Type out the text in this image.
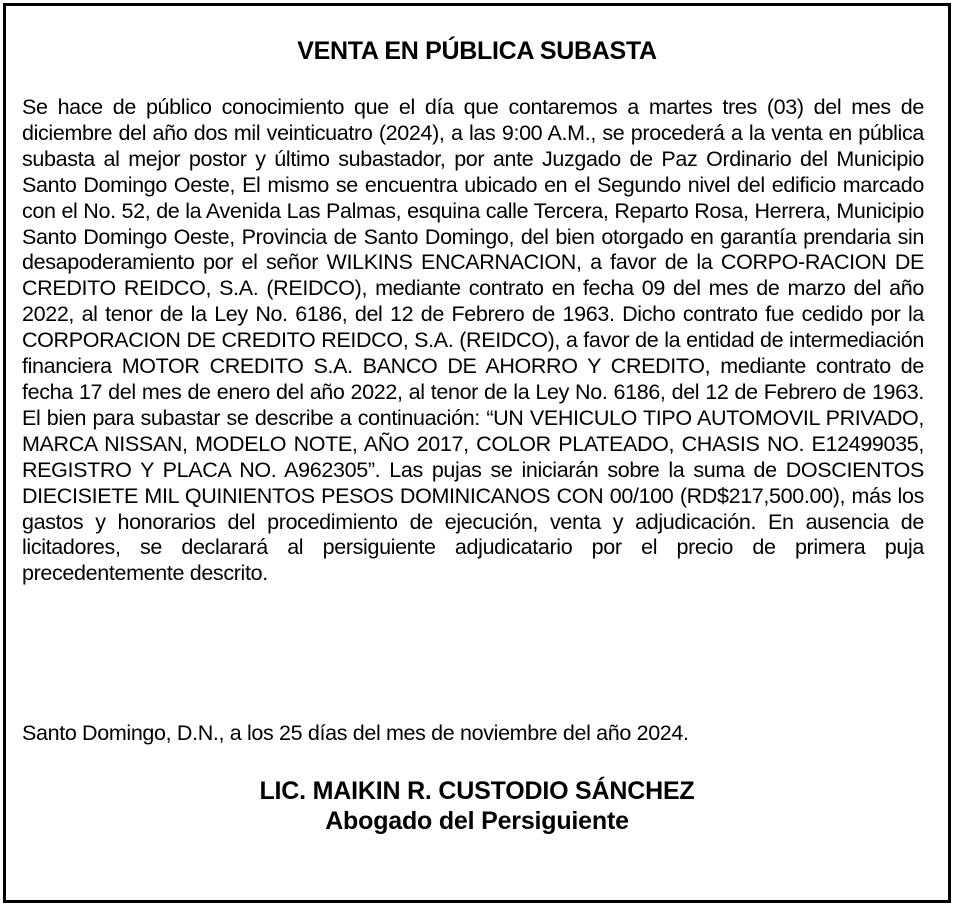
VENTA EN PÚBLICA SUBASTA

Se hace de público conocimiento que el día que contaremos a martes tres (03) del mes de diciembre del año dos mil veinticuatro (2024), a las 9:00 A.M., se procederá a la venta en pública subasta al mejor postor y último subastador, por ante Juzgado de Paz Ordinario del Municipio Santo Domingo Oeste, El mismo se encuentra ubicado en el Segundo nivel del edificio marcado con el No. 52, de la Avenida Las Palmas, esquina calle Tercera, Reparto Rosa, Herrera, Municipio Santo Domingo Oeste, Provincia de Santo Domingo, del bien otorgado en garantía prendaria sin desapoderamiento por el señor WILKINS ENCARNACION, a favor de la CORPO-RACION DE CREDITO REIDCO, S.A. (REIDCO), mediante contrato en fecha 09 del mes de marzo del año 2022, al tenor de la Ley No. 6186, del 12 de Febrero de 1963. Dicho contrato fue cedido por la CORPORACION DE CREDITO REIDCO, S.A. (REIDCO), a favor de la entidad de intermediación financiera MOTOR CREDITO S.A. BANCO DE AHORRO Y CREDITO, mediante contrato de fecha 17 del mes de enero del año 2022, al tenor de la Ley No. 6186, del 12 de Febrero de 1963. El bien para subastar se describe a continuación: “UN VEHICULO TIPO AUTOMOVIL PRIVADO, MARCA NISSAN, MODELO NOTE, AÑO 2017, COLOR PLATEADO, CHASIS NO. E12499035, REGISTRO Y PLACA NO. A962305”. Las pujas se iniciarán sobre la suma de DOSCIENTOS DIECISIETE MIL QUINIENTOS PESOS DOMINICANOS CON 00/100 (RD$217,500.00), más los gastos y honorarios del procedimiento de ejecución, venta y adjudicación. En ausencia de licitadores, se declarará al persiguiente adjudicatario por el precio de primera puja precedentemente descrito.

Santo Domingo, D.N., a los 25 días del mes de noviembre del año 2024.

LIC. MAIKIN R. CUSTODIO SÁNCHEZ

Abogado del Persiguiente
